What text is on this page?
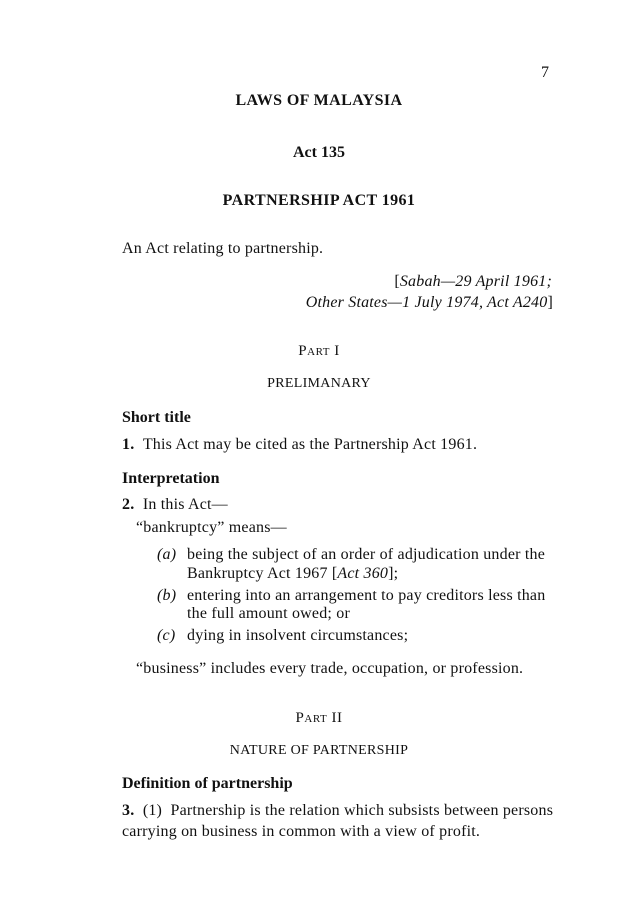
7
LAWS OF MALAYSIA
Act 135
PARTNERSHIP ACT 1961
An Act relating to partnership.
[Sabah—29 April 1961;
Other States—1 July 1974, Act A240]
Part I
PRELIMANARY
Short title
1. This Act may be cited as the Partnership Act 1961.
Interpretation
2. In this Act—
“bankruptcy” means—
(a) being the subject of an order of adjudication under the
Bankruptcy Act 1967 [Act 360];
(b) entering into an arrangement to pay creditors less than
the full amount owed; or
(c) dying in insolvent circumstances;
“business” includes every trade, occupation, or profession.
Part II
NATURE OF PARTNERSHIP
Definition of partnership
3. (1) Partnership is the relation which subsists between persons
carrying on business in common with a view of profit.
